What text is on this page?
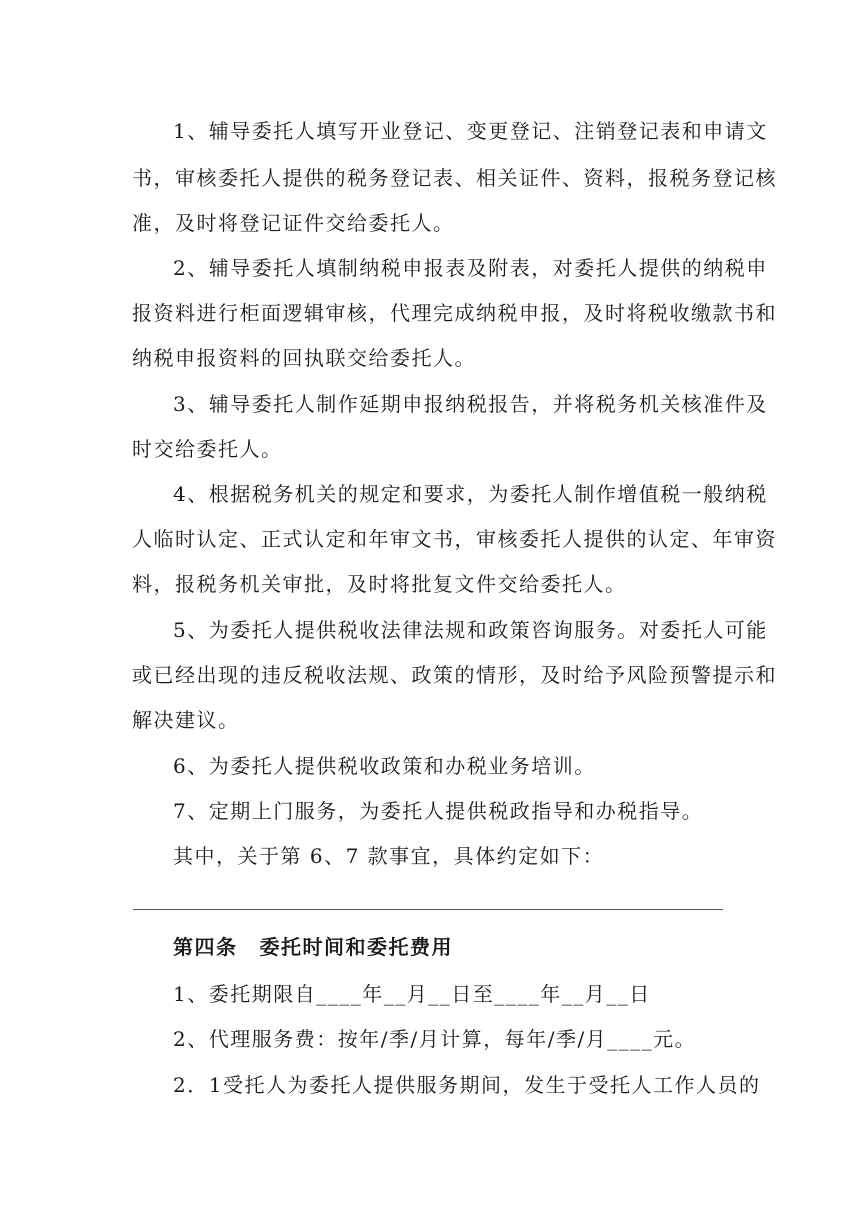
1、辅导委托人填写开业登记、变更登记、注销登记表和申请文
书，审核委托人提供的税务登记表、相关证件、资料，报税务登记核
准，及时将登记证件交给委托人。
2、辅导委托人填制纳税申报表及附表，对委托人提供的纳税申
报资料进行柜面逻辑审核，代理完成纳税申报，及时将税收缴款书和
纳税申报资料的回执联交给委托人。
3、辅导委托人制作延期申报纳税报告，并将税务机关核准件及
时交给委托人。
4、根据税务机关的规定和要求，为委托人制作增值税一般纳税
人临时认定、正式认定和年审文书，审核委托人提供的认定、年审资
料，报税务机关审批，及时将批复文件交给委托人。
5、为委托人提供税收法律法规和政策咨询服务。对委托人可能
或已经出现的违反税收法规、政策的情形，及时给予风险预警提示和
解决建议。
6、为委托人提供税收政策和办税业务培训。
7、定期上门服务，为委托人提供税政指导和办税指导。
其中，关于第 6、7 款事宜，具体约定如下：
第四条 委托时间和委托费用
1、委托期限自____年__月__日至____年__月__日
2、代理服务费：按年/季/月计算，每年/季/月____元。
2．1受托人为委托人提供服务期间，发生于受托人工作人员的
